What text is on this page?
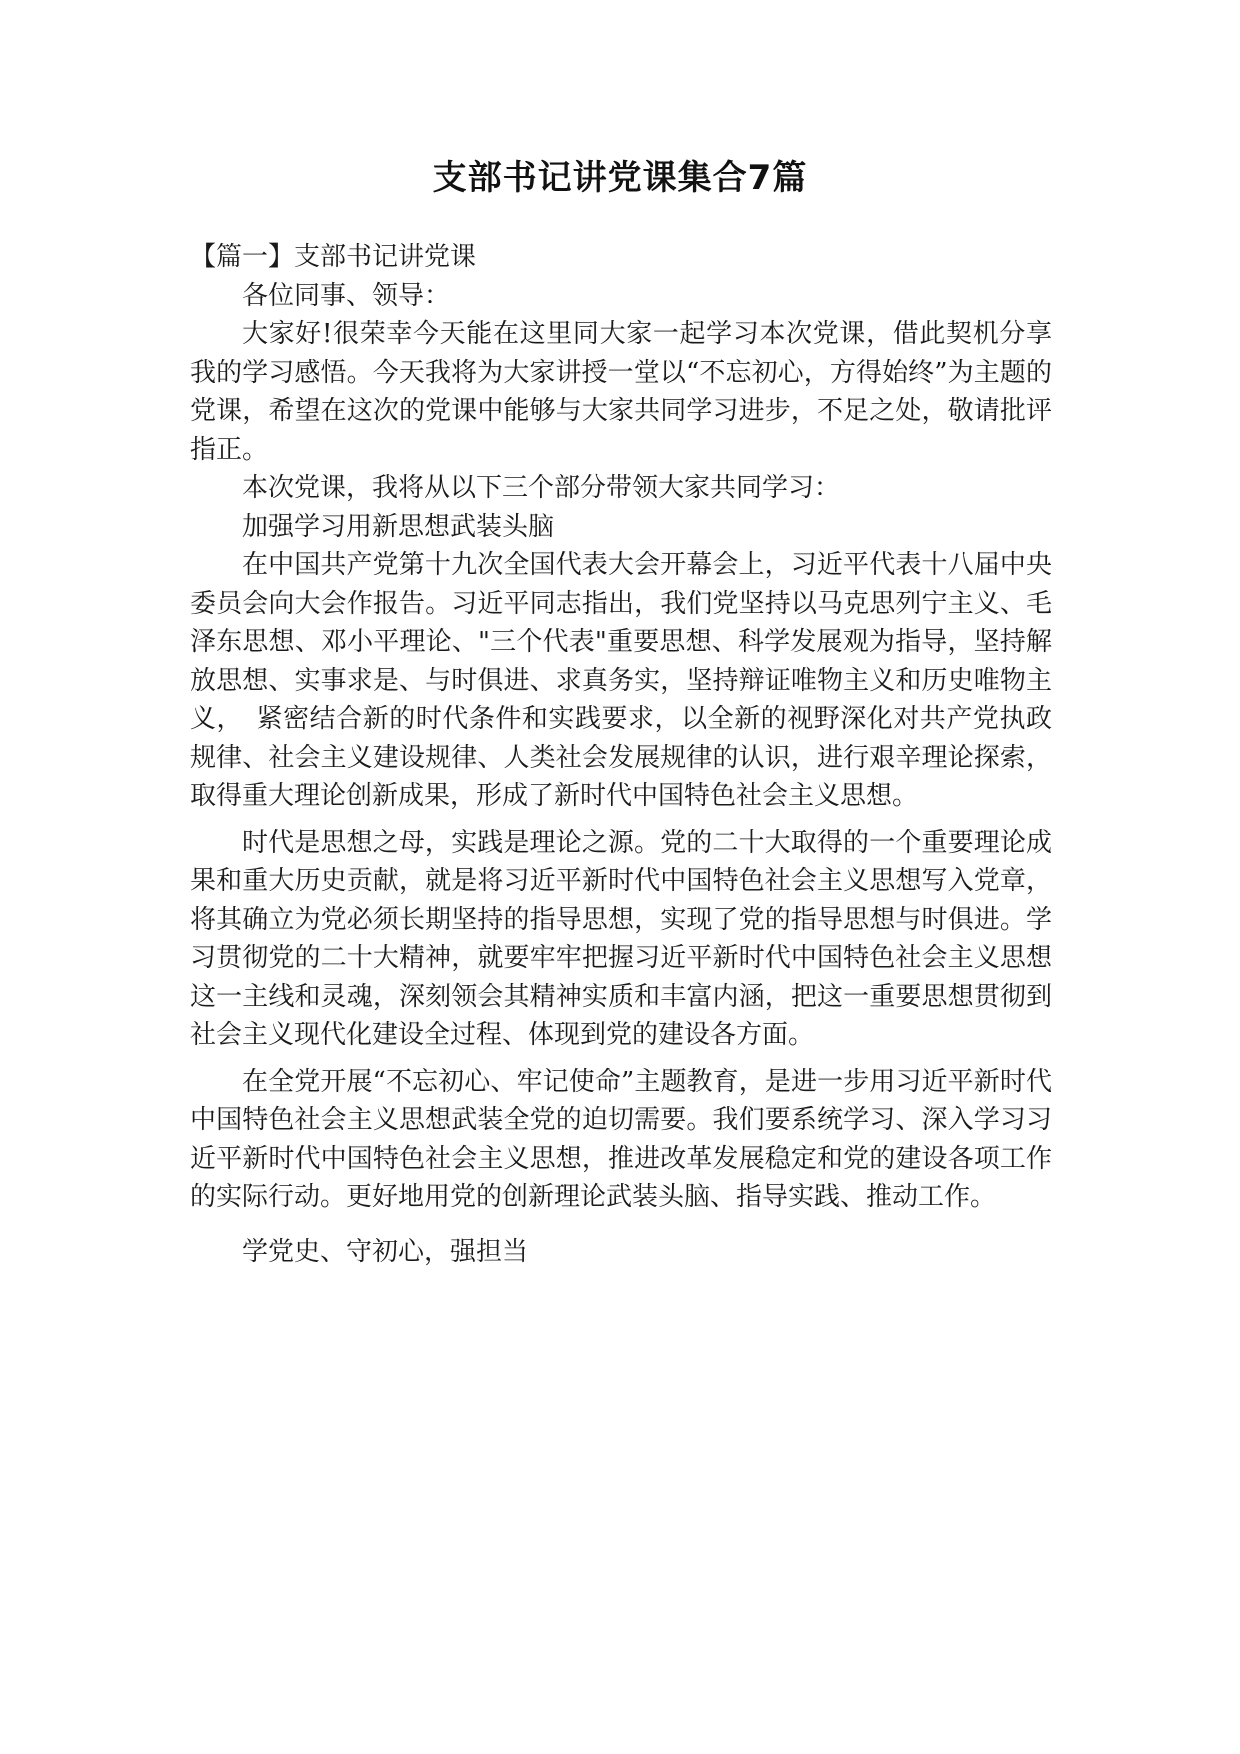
支部书记讲党课集合7篇

【篇一】支部书记讲党课

各位同事、领导：

大家好!很荣幸今天能在这里同大家一起学习本次党课，借此契机分享我的学习感悟。今天我将为大家讲授一堂以“不忘初心，方得始终”为主题的党课，希望在这次的党课中能够与大家共同学习进步，不足之处，敬请批评指正。

本次党课，我将从以下三个部分带领大家共同学习：

加强学习用新思想武装头脑

在中国共产党第十九次全国代表大会开幕会上，习近平代表十八届中央委员会向大会作报告。习近平同志指出，我们党坚持以马克思列宁主义、毛泽东思想、邓小平理论、"三个代表"重要思想、科学发展观为指导，坚持解放思想、实事求是、与时俱进、求真务实，坚持辩证唯物主义和历史唯物主义，　紧密结合新的时代条件和实践要求，以全新的视野深化对共产党执政规律、社会主义建设规律、人类社会发展规律的认识，进行艰辛理论探索，取得重大理论创新成果，形成了新时代中国特色社会主义思想。

时代是思想之母，实践是理论之源。党的二十大取得的一个重要理论成果和重大历史贡献，就是将习近平新时代中国特色社会主义思想写入党章，将其确立为党必须长期坚持的指导思想，实现了党的指导思想与时俱进。学习贯彻党的二十大精神，就要牢牢把握习近平新时代中国特色社会主义思想这一主线和灵魂，深刻领会其精神实质和丰富内涵，把这一重要思想贯彻到社会主义现代化建设全过程、体现到党的建设各方面。

在全党开展“不忘初心、牢记使命”主题教育，是进一步用习近平新时代中国特色社会主义思想武装全党的迫切需要。我们要系统学习、深入学习习近平新时代中国特色社会主义思想，推进改革发展稳定和党的建设各项工作的实际行动。更好地用党的创新理论武装头脑、指导实践、推动工作。

学党史、守初心，强担当
